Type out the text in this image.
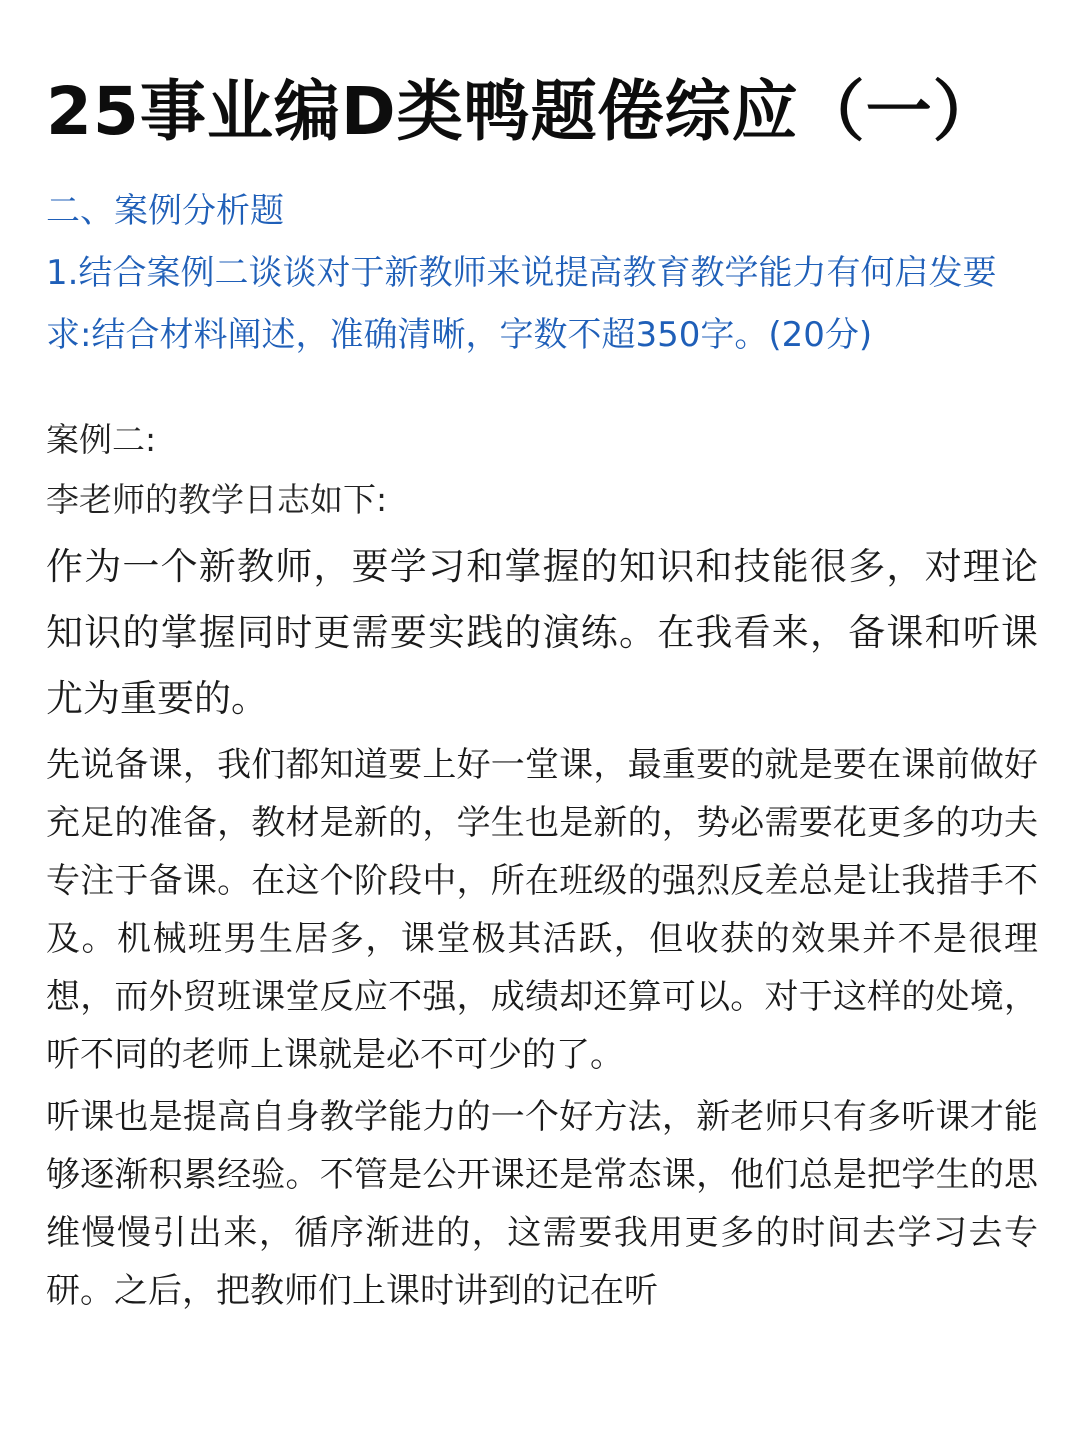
25事业编D类鸭题倦综应（一）

二、案例分析题

1.结合案例二谈谈对于新教师来说提高教育教学能力有何启发要求:结合材料阐述，准确清晰，字数不超350字。(20分)

案例二:

李老师的教学日志如下:

作为一个新教师，要学习和掌握的知识和技能很多，对理论知识的掌握同时更需要实践的演练。在我看来，备课和听课尤为重要的。

先说备课，我们都知道要上好一堂课，最重要的就是要在课前做好充足的准备，教材是新的，学生也是新的，势必需要花更多的功夫专注于备课。在这个阶段中，所在班级的强烈反差总是让我措手不及。机械班男生居多，课堂极其活跃，但收获的效果并不是很理想，而外贸班课堂反应不强，成绩却还算可以。对于这样的处境，听不同的老师上课就是必不可少的了。

听课也是提高自身教学能力的一个好方法，新老师只有多听课才能够逐渐积累经验。不管是公开课还是常态课，他们总是把学生的思维慢慢引出来，循序渐进的，这需要我用更多的时间去学习去专研。之后，把教师们上课时讲到的记在听
